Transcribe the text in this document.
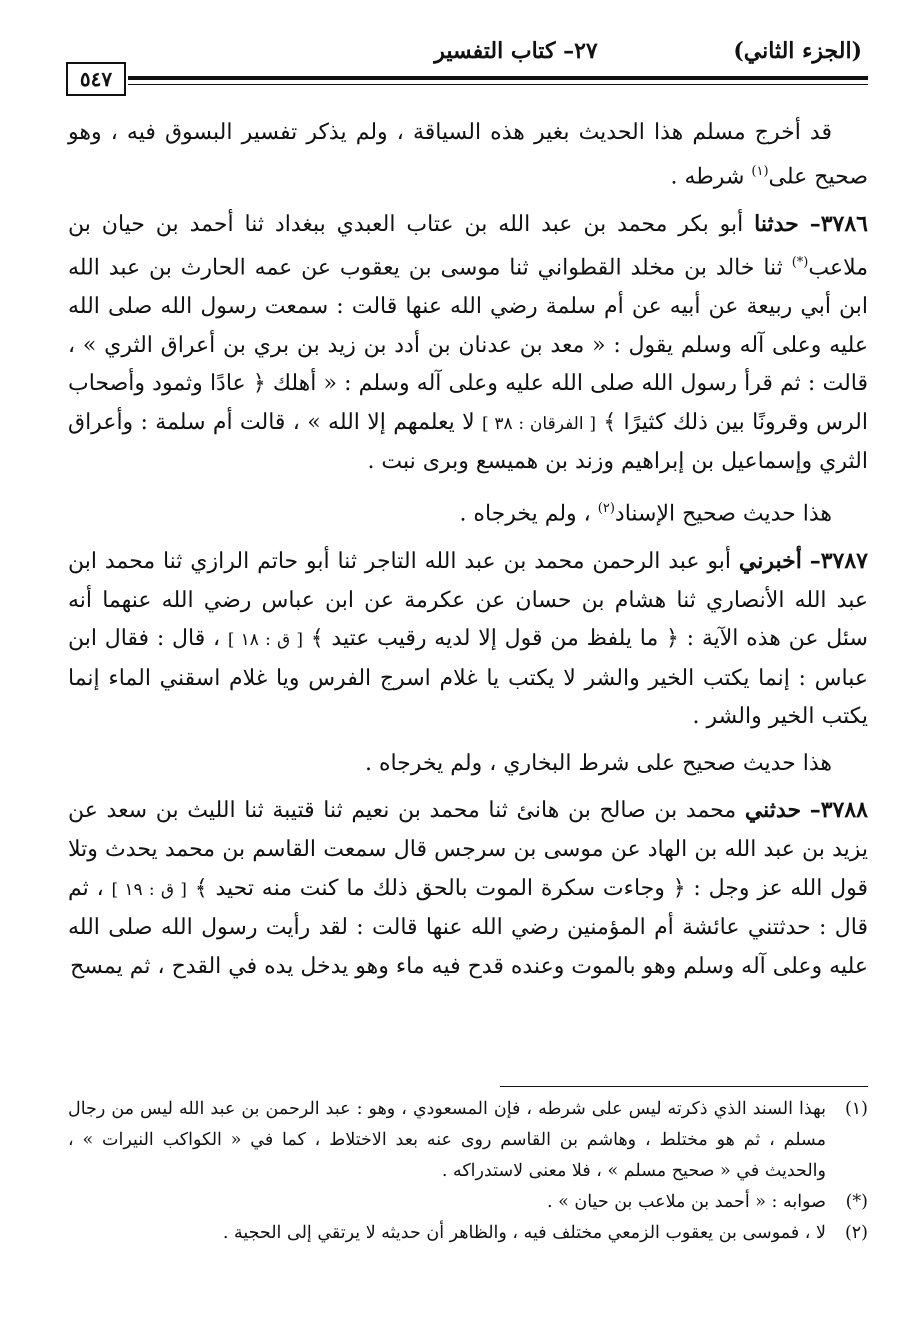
(الجزء الثاني)
٢٧– كتاب التفسير
٥٤٧

قد أخرج مسلم هذا الحديث بغير هذه السياقة ، ولم يذكر تفسير البسوق فيه ، وهو صحيح على$^{(١)}$ شرطه .

٣٧٨٦– حدثنا أبو بكر محمد بن عبد الله بن عتاب العبدي ببغداد ثنا أحمد بن حيان بن ملاعب(*) ثنا خالد بن مخلد القطواني ثنا موسى بن يعقوب عن عمه الحارث بن عبد الله ابن أبي ربيعة عن أبيه عن أم سلمة رضي الله عنها قالت : سمعت رسول الله صلى الله عليه وعلى آله وسلم يقول : « معد بن عدنان بن أدد بن زيد بن بري بن أعراق الثري » ، قالت : ثم قرأ رسول الله صلى الله عليه وعلى آله وسلم : « أهلك ﴿ عادًا وثمود وأصحاب الرس وقرونًا بين ذلك كثيرًا ﴾ [ الفرقان : ٣٨ ] لا يعلمهم إلا الله » ، قالت أم سلمة : وأعراق الثري وإسماعيل بن إبراهيم وزند بن هميسع وبرى نبت .

هذا حديث صحيح الإسناد$^{(٢)}$ ، ولم يخرجاه .

٣٧٨٧– أخبرني أبو عبد الرحمن محمد بن عبد الله التاجر ثنا أبو حاتم الرازي ثنا محمد ابن عبد الله الأنصاري ثنا هشام بن حسان عن عكرمة عن ابن عباس رضي الله عنهما أنه سئل عن هذه الآية : ﴿ ما يلفظ من قول إلا لديه رقيب عتيد ﴾ [ ق : ١٨ ] ، قال : فقال ابن عباس : إنما يكتب الخير والشر لا يكتب يا غلام اسرج الفرس ويا غلام اسقني الماء إنما يكتب الخير والشر .

هذا حديث صحيح على شرط البخاري ، ولم يخرجاه .

٣٧٨٨– حدثني محمد بن صالح بن هانئ ثنا محمد بن نعيم ثنا قتيبة ثنا الليث بن سعد عن يزيد بن عبد الله بن الهاد عن موسى بن سرجس قال سمعت القاسم بن محمد يحدث وتلا قول الله عز وجل : ﴿ وجاءت سكرة الموت بالحق ذلك ما كنت منه تحيد ﴾ [ ق : ١٩ ] ، ثم قال : حدثتني عائشة أم المؤمنين رضي الله عنها قالت : لقد رأيت رسول الله صلى الله عليه وعلى آله وسلم وهو بالموت وعنده قدح فيه ماء وهو يدخل يده في القدح ، ثم يمسح

(١)
بهذا السند الذي ذكرته ليس على شرطه ، فإن المسعودي ، وهو : عبد الرحمن بن عبد الله ليس من رجال مسلم ، ثم هو مختلط ، وهاشم بن القاسم روى عنه بعد الاختلاط ، كما في « الكواكب النيرات » ، والحديث في « صحيح مسلم » ، فلا معنى لاستدراكه .
(*)
صوابه : « أحمد بن ملاعب بن حيان » .
(٢)
لا ، فموسى بن يعقوب الزمعي مختلف فيه ، والظاهر أن حديثه لا يرتقي إلى الحجية .
